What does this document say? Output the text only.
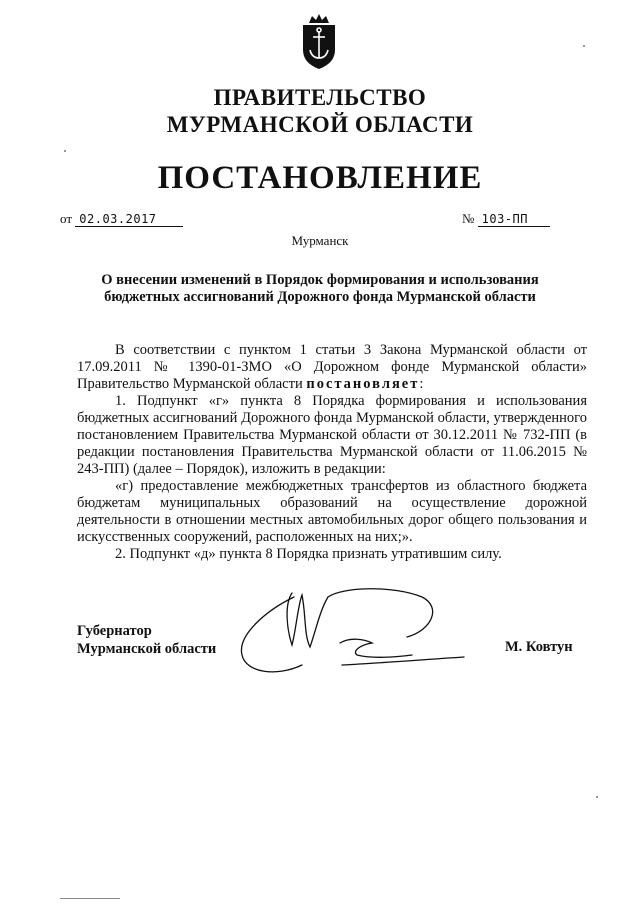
ПРАВИТЕЛЬСТВО
МУРМАНСКОЙ ОБЛАСТИ
ПОСТАНОВЛЕНИЕ
от 02.03.2017	№ 103-ПП
Мурманск
О внесении изменений в Порядок формирования и использования
бюджетных ассигнований Дорожного фонда Мурманской области

В соответствии с пунктом 1 статьи 3 Закона Мурманской области от 17.09.2011 № 1390-01-ЗМО «О Дорожном фонде Мурманской области» Правительство Мурманской области постановляет:

1. Подпункт «г» пункта 8 Порядка формирования и использования бюджетных ассигнований Дорожного фонда Мурманской области, утвержденного постановлением Правительства Мурманской области от 30.12.2011 № 732-ПП (в редакции постановления Правительства Мурманской области от 11.06.2015 № 243-ПП) (далее – Порядок), изложить в редакции:

«г) предоставление межбюджетных трансфертов из областного бюджета бюджетам муниципальных образований на осуществление дорожной деятельности в отношении местных автомобильных дорог общего пользования и искусственных сооружений, расположенных на них;».

2. Подпункт «д» пункта 8 Порядка признать утратившим силу.

Губернатор
Мурманской области	М. Ковтун
